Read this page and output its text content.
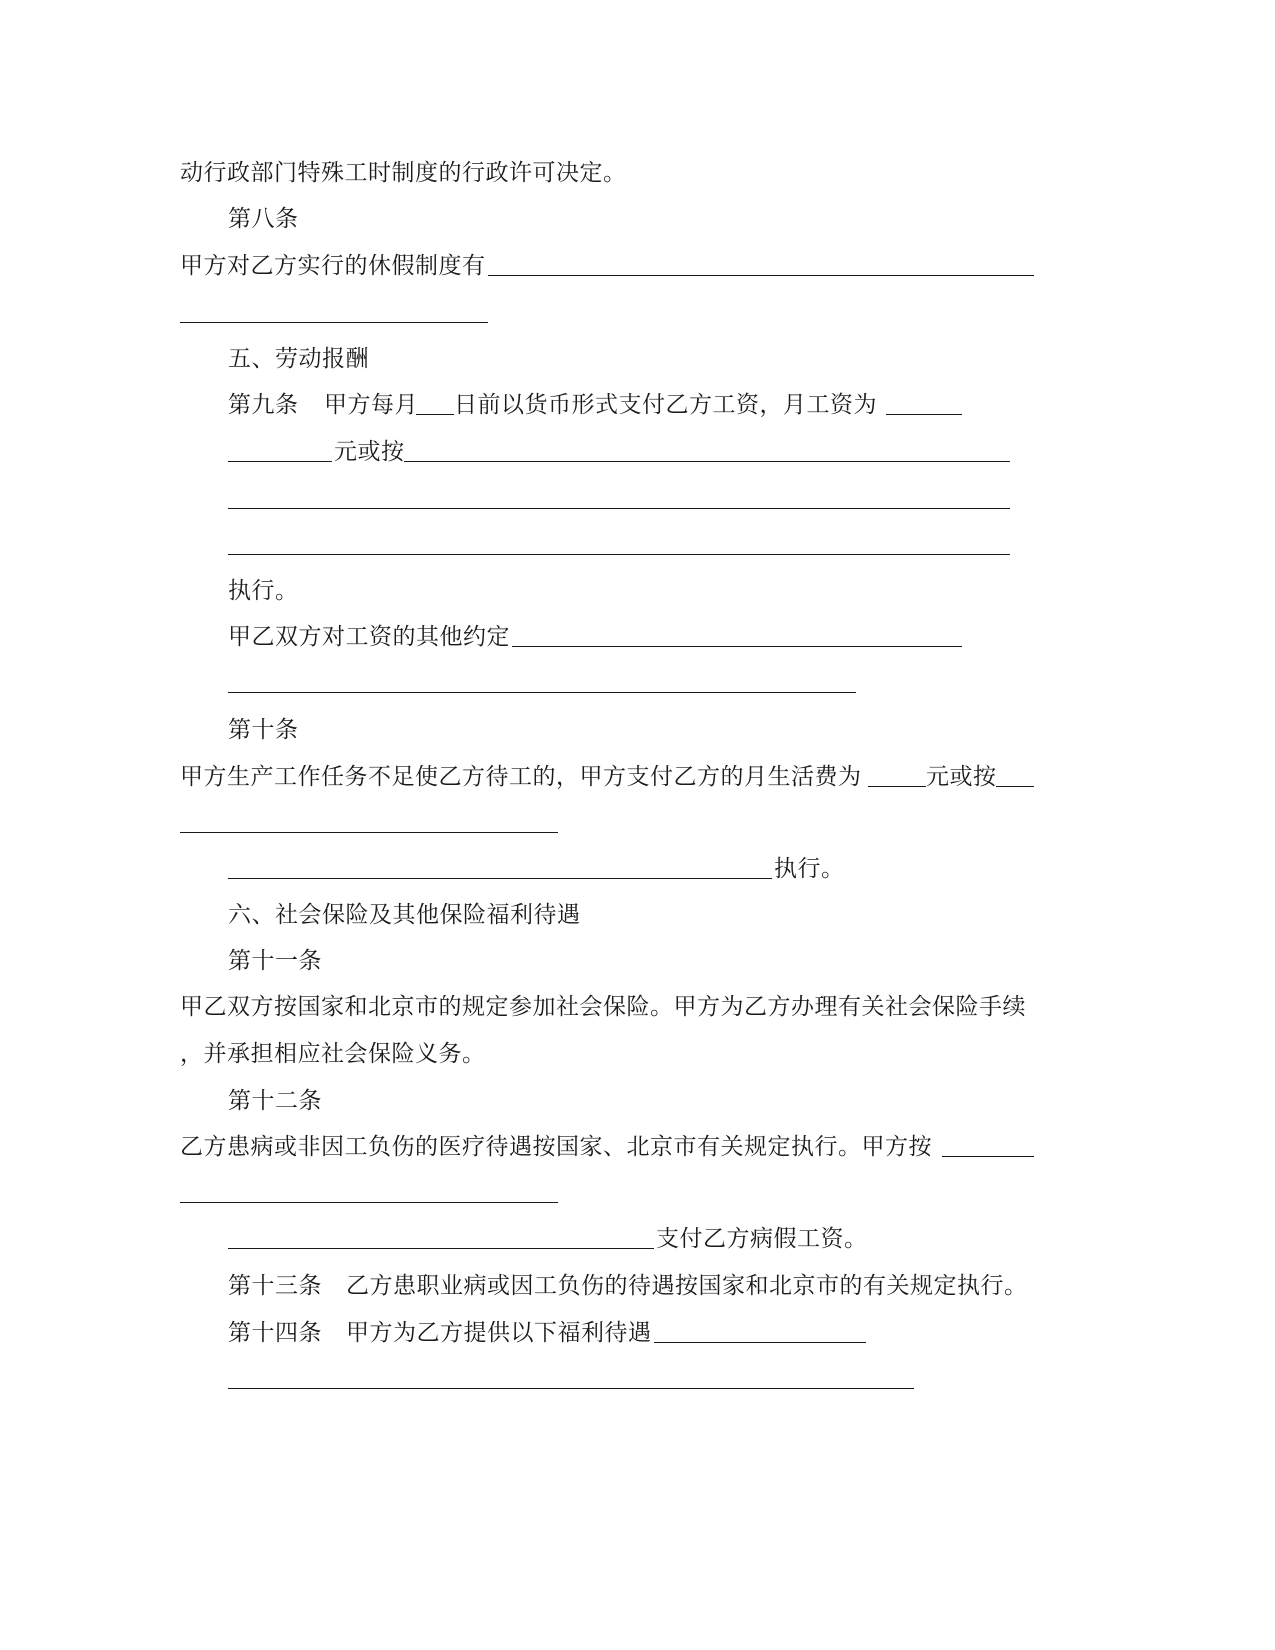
动行政部门特殊工时制度的行政许可决定。
第八条
甲方对乙方实行的休假制度有
五、劳动报酬
第九条 甲方每月 日前以货币形式支付乙方工资，月工资为
元或按
执行。
甲乙双方对工资的其他约定
第十条
甲方生产工作任务不足使乙方待工的，甲方支付乙方的月生活费为	元或按
执行。
六、社会保险及其他保险福利待遇
第十一条
甲乙双方按国家和北京市的规定参加社会保险。甲方为乙方办理有关社会保险手续
，并承担相应社会保险义务。
第十二条
乙方患病或非因工负伤的医疗待遇按国家、北京市有关规定执行。甲方按
支付乙方病假工资。
第十三条 乙方患职业病或因工负伤的待遇按国家和北京市的有关规定执行。
第十四条 甲方为乙方提供以下福利待遇
